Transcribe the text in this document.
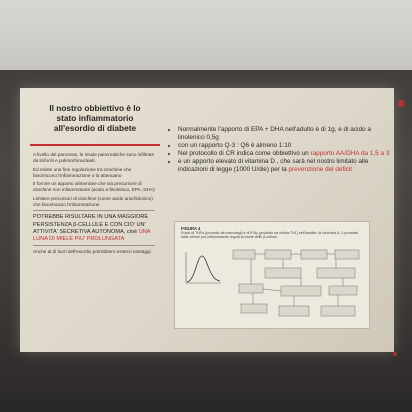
Il nostro obbiettivo è lo
stato infiammatorio
all'esordio di diabete

A livello del pancreas, le insule pancreatiche sono infiltrate da linfociti e polimorfonucleati.

Ed esiste una fine regolazione tra citochine che favoriscono l'infiammazione o la attenuano

Il fornire un apporto alimentare che sia precursore di citochine non infiammatorie (acido a-linolenico, EPA, DHA)

Limitare precursori di citochine (come acido arachidonico) che favoriscano l'infiammazione

POTREBBE RISULTARE IN UNA MAGGIORE PERSISTENZA β-CELLULE E CON CIO' UN' ATTIVITA' SECRETIVA AUTONOMA, cioè UNA LUNA DI MIELE PIU' PROLUNGATA

Anche al di fuori dell'esordio potrebbero esservi vantaggi

• Normalmente l'apporto di EPA + DHA nell'adulto è di 1g, e di acido a linolenico 0,5g
• con un rapporto Q-3 : Q6 è almeno 1:10
• Nel protocollo di CR indica come obbiettivo un rapporto AA/DHA da 1,5 a 3
• e un apporto elevato di vitamina D , che sarà nel nostro limitato alle indicazioni di legge (1000 U/die) per la prevenzione del deficit
FIGURA 4
Ruolo di TNFα (prodotto da macrofagi) e di IFNγ (prodotto da cellule Th1) nell'insulite; la citochina IL-1 prodotta dalle cellule pro-infiammatorie regola la morte delle β-cellule.
